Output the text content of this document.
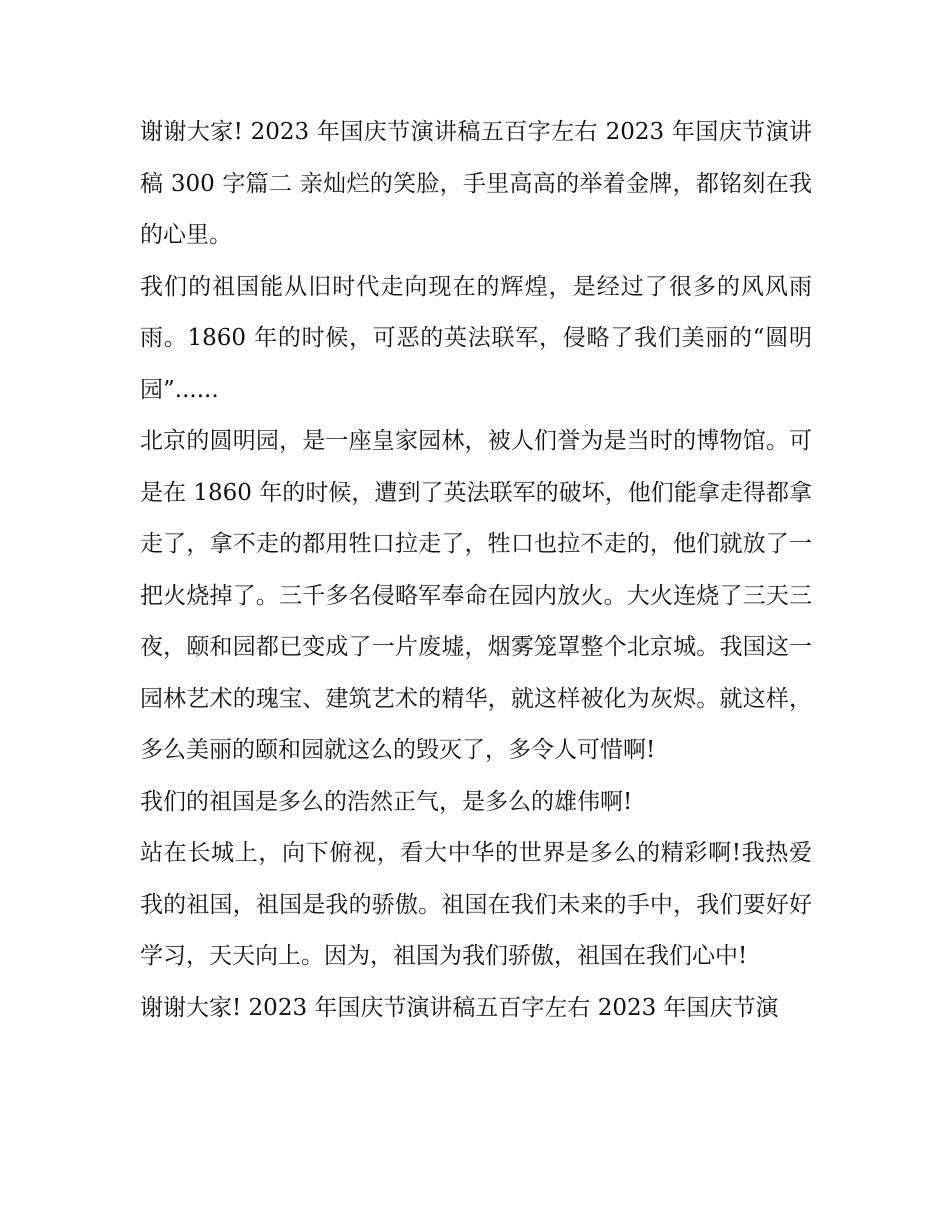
谢谢大家! 2023 年国庆节演讲稿五百字左右 2023 年国庆节演讲稿 300 字篇二 亲灿烂的笑脸，手里高高的举着金牌，都铭刻在我的心里。

我们的祖国能从旧时代走向现在的辉煌，是经过了很多的风风雨雨。1860 年的时候，可恶的英法联军，侵略了我们美丽的“圆明园”......

北京的圆明园，是一座皇家园林，被人们誉为是当时的博物馆。可是在 1860 年的时候，遭到了英法联军的破坏，他们能拿走得都拿走了，拿不走的都用牲口拉走了，牲口也拉不走的，他们就放了一把火烧掉了。三千多名侵略军奉命在园内放火。大火连烧了三天三夜，颐和园都已变成了一片废墟，烟雾笼罩整个北京城。我国这一园林艺术的瑰宝、建筑艺术的精华，就这样被化为灰烬。就这样，多么美丽的颐和园就这么的毁灭了，多令人可惜啊!

我们的祖国是多么的浩然正气，是多么的雄伟啊!

站在长城上，向下俯视，看大中华的世界是多么的精彩啊!我热爱我的祖国，祖国是我的骄傲。祖国在我们未来的手中，我们要好好学习，天天向上。因为，祖国为我们骄傲，祖国在我们心中!

谢谢大家! 2023 年国庆节演讲稿五百字左右 2023 年国庆节演
